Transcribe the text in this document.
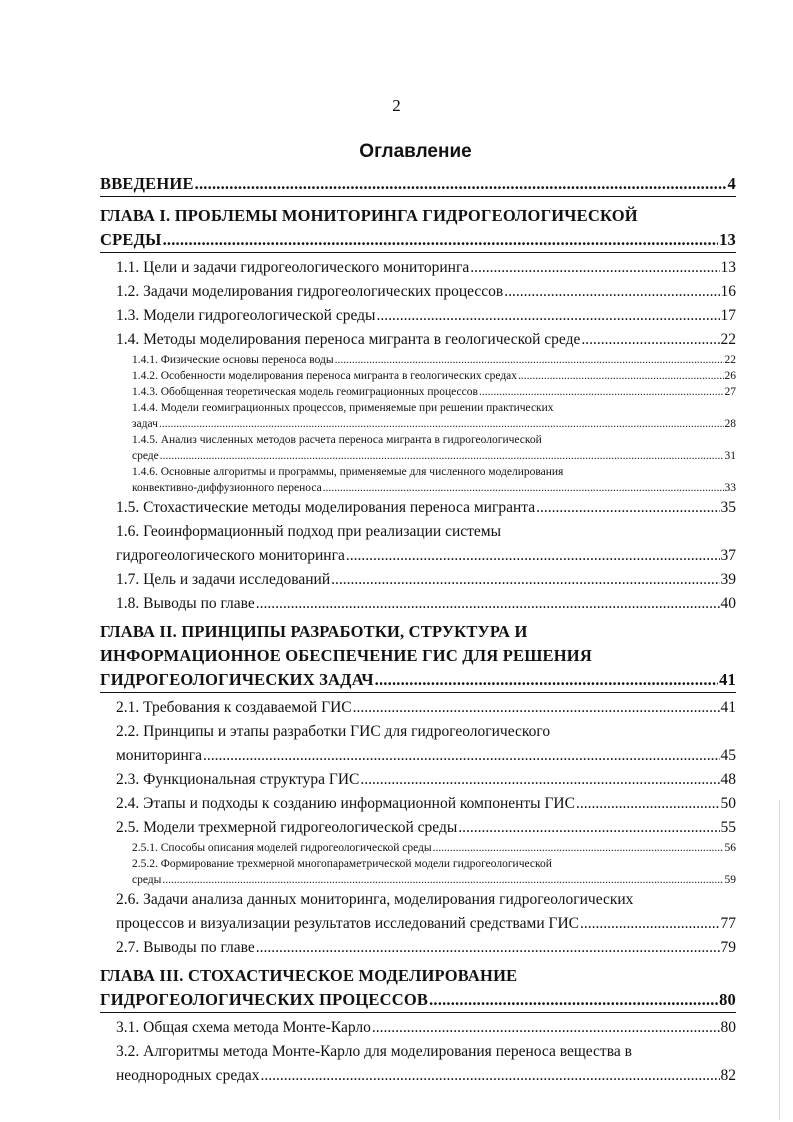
2
Оглавление
ВВЕДЕНИЕ .....	4
ГЛАВА I. ПРОБЛЕМЫ МОНИТОРИНГА ГИДРОГЕОЛОГИЧЕСКОЙ
СРЕДЫ .....	13
1.1. Цели и задачи гидрогеологического мониторинга .....	13
1.2. Задачи моделирования гидрогеологических процессов .....	16
1.3. Модели гидрогеологической среды .....	17
1.4. Методы моделирования переноса мигранта в геологической среде .....	22
1.4.1. Физические основы переноса воды .....	22
1.4.2. Особенности моделирования переноса мигранта в геологических средах .....	26
1.4.3. Обобщенная теоретическая модель геомиграционных процессов .....	27
1.4.4. Модели геомиграционных процессов, применяемые при решении практических
задач .....	28
1.4.5. Анализ численных методов расчета переноса мигранта в гидрогеологической
среде .....	31
1.4.6. Основные алгоритмы и программы, применяемые для численного моделирования
конвективно-диффузионного переноса .....	33
1.5. Стохастические методы моделирования переноса мигранта .....	35
1.6. Геоинформационный подход при реализации системы
гидрогеологического мониторинга .....	37
1.7. Цель и задачи исследований .....	39
1.8. Выводы по главе .....	40
ГЛАВА II. ПРИНЦИПЫ РАЗРАБОТКИ, СТРУКТУРА И
ИНФОРМАЦИОННОЕ ОБЕСПЕЧЕНИЕ ГИС ДЛЯ РЕШЕНИЯ
ГИДРОГЕОЛОГИЧЕСКИХ ЗАДАЧ .....	41
2.1. Требования к создаваемой ГИС .....	41
2.2. Принципы и этапы разработки ГИС для гидрогеологического
мониторинга .....	45
2.3. Функциональная структура ГИС .....	48
2.4. Этапы и подходы к созданию информационной компоненты ГИС .....	50
2.5. Модели трехмерной гидрогеологической среды .....	55
2.5.1. Способы описания моделей гидрогеологической среды .....	56
2.5.2. Формирование трехмерной многопараметрической модели гидрогеологической
среды .....	59
2.6. Задачи анализа данных мониторинга, моделирования гидрогеологических
процессов и визуализации результатов исследований средствами ГИС .....	77
2.7. Выводы по главе .....	79
ГЛАВА III. СТОХАСТИЧЕСКОЕ МОДЕЛИРОВАНИЕ
ГИДРОГЕОЛОГИЧЕСКИХ ПРОЦЕССОВ .....	80
3.1. Общая схема метода Монте-Карло .....	80
3.2. Алгоритмы метода Монте-Карло для моделирования переноса вещества в
неоднородных средах .....	82
